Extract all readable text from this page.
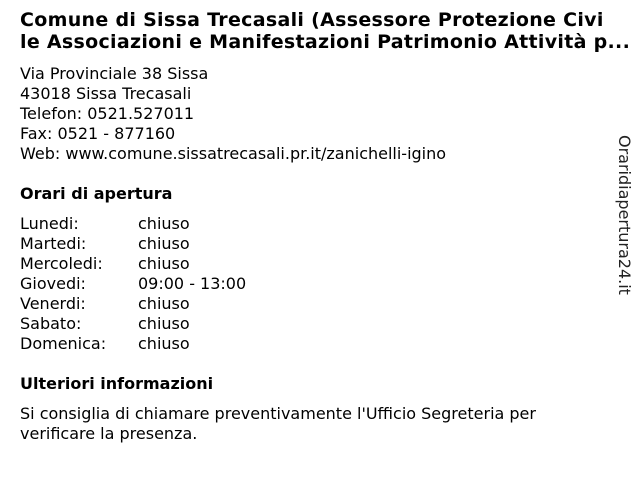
Comune di Sissa Trecasali (Assessore Protezione Civi
le Associazioni e Manifestazioni Patrimonio Attività p...
Via Provinciale 38 Sissa
43018 Sissa Trecasali
Telefon: 0521.527011
Fax: 0521 - 877160
Web: www.comune.sissatrecasali.pr.it/zanichelli-igino
Orari di apertura
Lunedi:	chiuso
Martedi:	chiuso
Mercoledi: chiuso
Giovedi:	09:00 - 13:00
Venerdi:	chiuso
Sabato:	chiuso
Domenica: chiuso
Ulteriori informazioni
Si consiglia di chiamare preventivamente l'Ufficio Segreteria per
verificare la presenza.
Oraridiapertura24.it
